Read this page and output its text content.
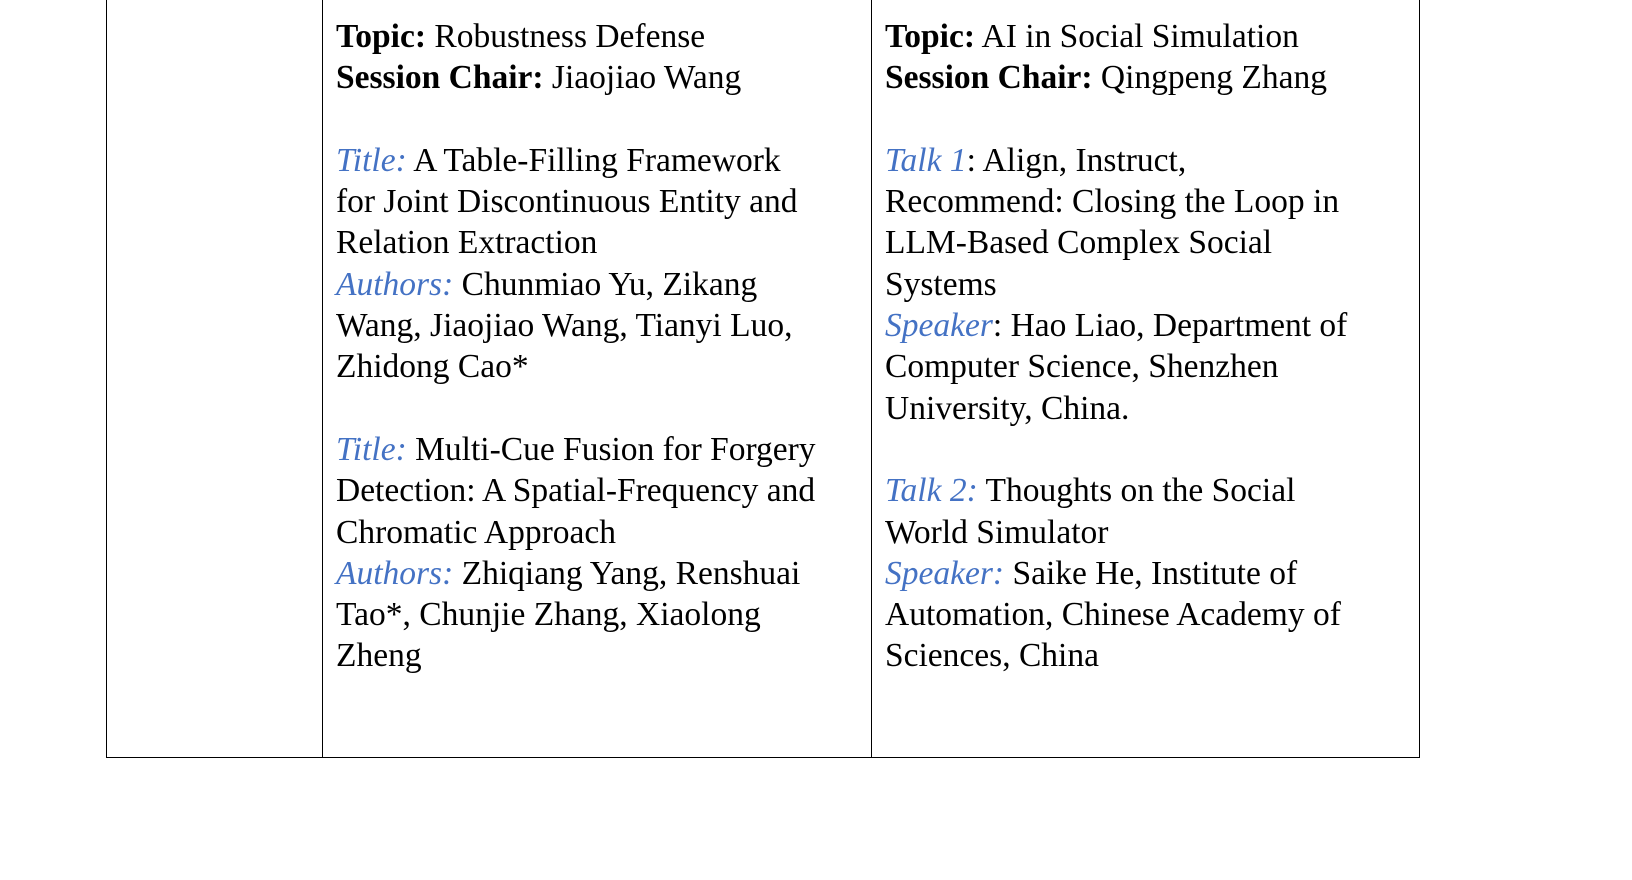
Topic: Robustness Defense
Session Chair: Jiaojiao Wang
Title: A Table-Filling Framework
for Joint Discontinuous Entity and
Relation Extraction
Authors: Chunmiao Yu, Zikang
Wang, Jiaojiao Wang, Tianyi Luo,
Zhidong Cao*
Title: Multi-Cue Fusion for Forgery
Detection: A Spatial-Frequency and
Chromatic Approach
Authors: Zhiqiang Yang, Renshuai
Tao*, Chunjie Zhang, Xiaolong
Zheng
Topic: AI in Social Simulation
Session Chair: Qingpeng Zhang
Talk 1: Align, Instruct,
Recommend: Closing the Loop in
LLM-Based Complex Social
Systems
Speaker: Hao Liao, Department of
Computer Science, Shenzhen
University, China.
Talk 2: Thoughts on the Social
World Simulator
Speaker: Saike He, Institute of
Automation, Chinese Academy of
Sciences, China
